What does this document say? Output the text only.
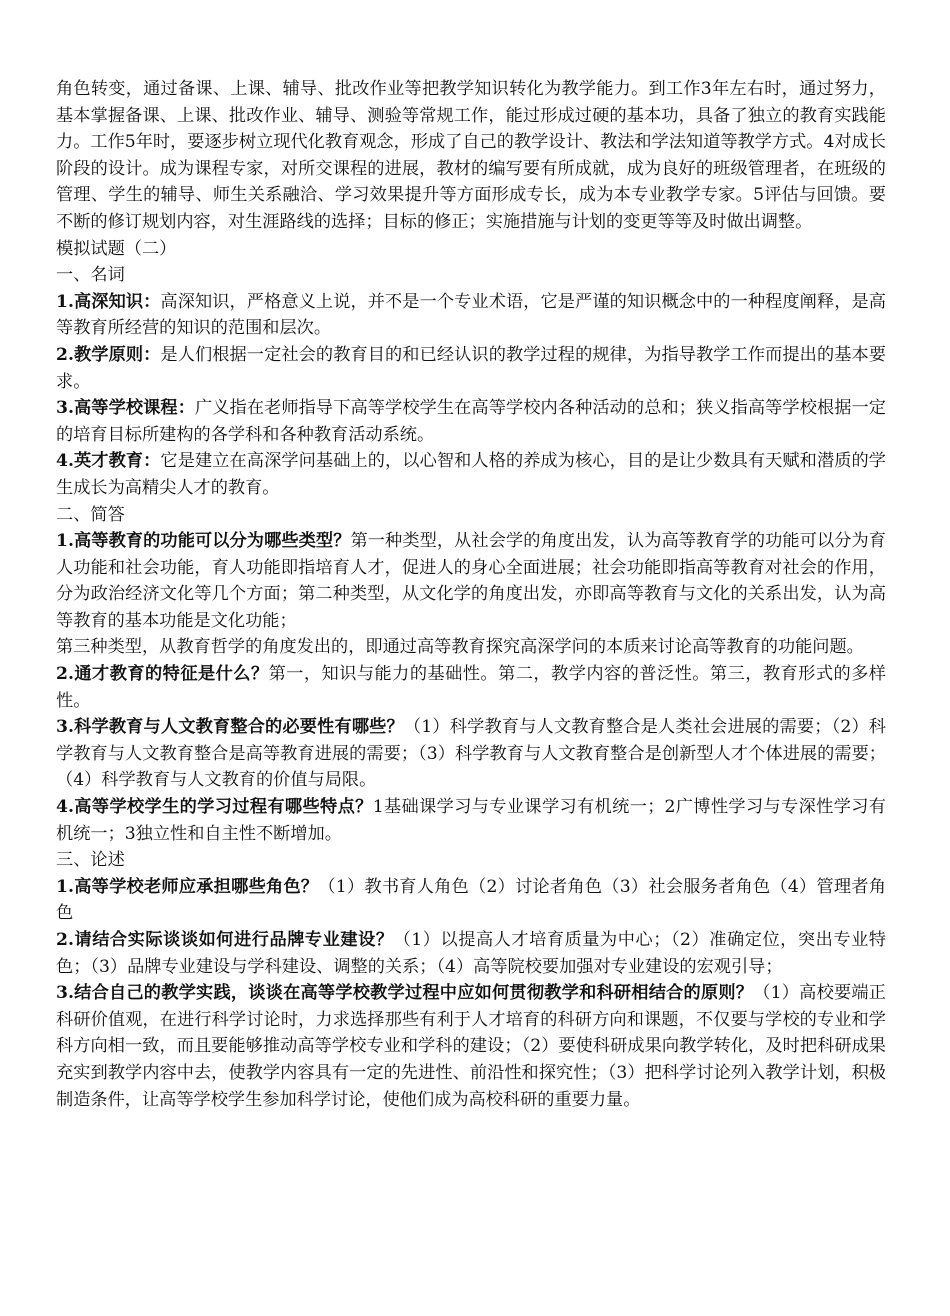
角色转变，通过备课、上课、辅导、批改作业等把教学知识转化为教学能力。到工作3年左右时，通过努力，基本掌握备课、上课、批改作业、辅导、测验等常规工作，能过形成过硬的基本功，具备了独立的教育实践能力。工作5年时，要逐步树立现代化教育观念，形成了自己的教学设计、教法和学法知道等教学方式。4对成长阶段的设计。成为课程专家，对所交课程的进展，教材的编写要有所成就，成为良好的班级管理者，在班级的管理、学生的辅导、师生关系融洽、学习效果提升等方面形成专长，成为本专业教学专家。5评估与回馈。要不断的修订规划内容，对生涯路线的选择；目标的修正；实施措施与计划的变更等等及时做出调整。

模拟试题（二）

一、名词

1.高深知识：高深知识，严格意义上说，并不是一个专业术语，它是严谨的知识概念中的一种程度阐释，是高等教育所经营的知识的范围和层次。

2.教学原则：是人们根据一定社会的教育目的和已经认识的教学过程的规律，为指导教学工作而提出的基本要求。

3.高等学校课程：广义指在老师指导下高等学校学生在高等学校内各种活动的总和；狭义指高等学校根据一定的培育目标所建构的各学科和各种教育活动系统。

4.英才教育：它是建立在高深学问基础上的，以心智和人格的养成为核心，目的是让少数具有天赋和潜质的学生成长为高精尖人才的教育。

二、简答

1.高等教育的功能可以分为哪些类型？第一种类型，从社会学的角度出发，认为高等教育学的功能可以分为育人功能和社会功能，育人功能即指培育人才，促进人的身心全面进展；社会功能即指高等教育对社会的作用，分为政治经济文化等几个方面；第二种类型，从文化学的角度出发，亦即高等教育与文化的关系出发，认为高等教育的基本功能是文化功能；

第三种类型，从教育哲学的角度发出的，即通过高等教育探究高深学问的本质来讨论高等教育的功能问题。

2.通才教育的特征是什么？第一，知识与能力的基础性。第二，教学内容的普泛性。第三，教育形式的多样性。

3.科学教育与人文教育整合的必要性有哪些？（1）科学教育与人文教育整合是人类社会进展的需要；（2）科学教育与人文教育整合是高等教育进展的需要；（3）科学教育与人文教育整合是创新型人才个体进展的需要；（4）科学教育与人文教育的价值与局限。

4.高等学校学生的学习过程有哪些特点？1基础课学习与专业课学习有机统一；2广博性学习与专深性学习有机统一；3独立性和自主性不断增加。

三、论述

1.高等学校老师应承担哪些角色？（1）教书育人角色（2）讨论者角色（3）社会服务者角色（4）管理者角色

2.请结合实际谈谈如何进行品牌专业建设？（1）以提高人才培育质量为中心；（2）准确定位，突出专业特色；（3）品牌专业建设与学科建设、调整的关系；（4）高等院校要加强对专业建设的宏观引导；

3.结合自己的教学实践，谈谈在高等学校教学过程中应如何贯彻教学和科研相结合的原则？（1）高校要端正科研价值观，在进行科学讨论时，力求选择那些有利于人才培育的科研方向和课题，不仅要与学校的专业和学科方向相一致，而且要能够推动高等学校专业和学科的建设；（2）要使科研成果向教学转化，及时把科研成果充实到教学内容中去，使教学内容具有一定的先进性、前沿性和探究性；（3）把科学讨论列入教学计划，积极制造条件，让高等学校学生参加科学讨论，使他们成为高校科研的重要力量。
